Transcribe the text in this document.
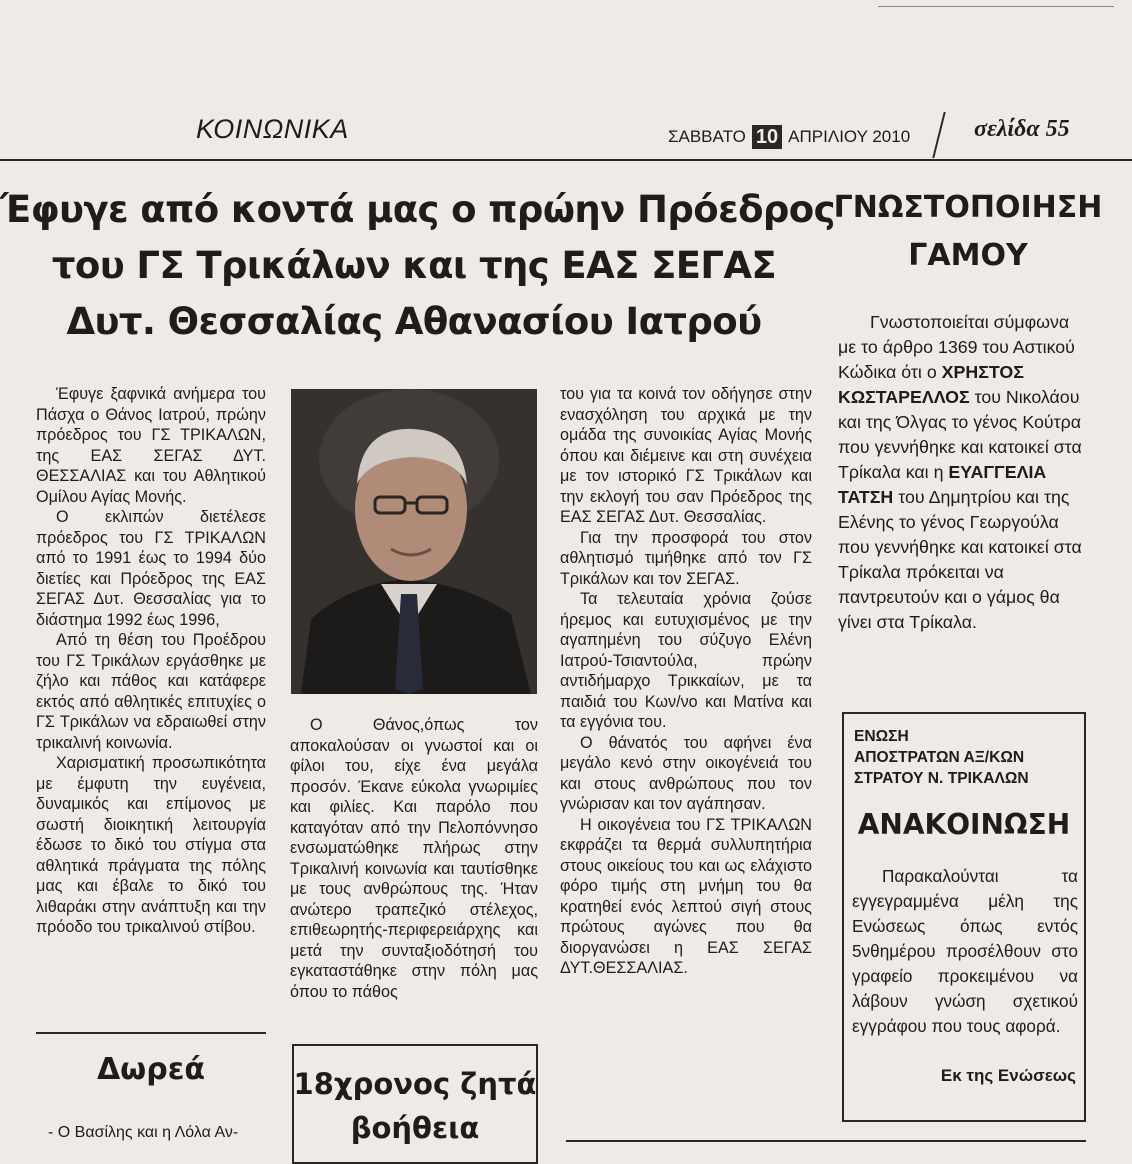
ΚΟΙΝΩΝΙΚΑ	ΣΑΒΒΑΤΟ 10 ΑΠΡΙΛΙΟΥ 2010	σελίδα 55
Έφυγε από κοντά μας ο πρώην Πρόεδρος
του ΓΣ Τρικάλων και της ΕΑΣ ΣΕΓΑΣ
Δυτ. Θεσσαλίας Αθανασίου Ιατρού

Έφυγε ξαφνικά ανήμερα του Πάσχα ο Θάνος Ιατρού, πρώην πρόεδρος του ΓΣ ΤΡΙΚΑΛΩΝ, της ΕΑΣ ΣΕΓΑΣ ΔΥΤ. ΘΕΣΣΑΛΙΑΣ και του Αθλητικού Ομίλου Αγίας Μονής.

Ο εκλιπών διετέλεσε πρόεδρος του ΓΣ ΤΡΙΚΑΛΩΝ από το 1991 έως το 1994 δύο διετίες και Πρόεδρος της ΕΑΣ ΣΕΓΑΣ Δυτ. Θεσσαλίας για το διάστημα 1992 έως 1996,

Από τη θέση του Προέδρου του ΓΣ Τρικάλων εργάσθηκε με ζήλο και πάθος και κατάφερε εκτός από αθλητικές επιτυχίες ο ΓΣ Τρικάλων να εδραιωθεί στην τρικαλινή κοινωνία.

Χαρισματική προσωπικότητα με έμφυτη την ευγένεια, δυναμικός και επίμονος με σωστή διοικητική λειτουργία έδωσε το δικό του στίγμα στα αθλητικά πράγματα της πόλης μας και έβαλε το δικό του λιθαράκι στην ανάπτυξη και την πρόοδο του τρικαλινού στίβου.

Δωρεά
- Ο Βασίλης και η Λόλα Αν-

Ο Θάνος,όπως τον αποκαλούσαν οι γνωστοί και οι φίλοι του, είχε ένα μεγάλα προσόν. Έκανε εύκολα γνωριμίες και φιλίες. Και παρόλο που καταγόταν από την Πελοπόννησο ενσωματώθηκε πλήρως στην Τρικαλινή κοινωνία και ταυτίσθηκε με τους ανθρώπους της. Ήταν ανώτερο τραπεζικό στέλεχος, επιθεωρητής-περιφερειάρχης και μετά την συνταξιοδότησή του εγκαταστάθηκε στην πόλη μας όπου το πάθος

18χρονος ζητά
βοήθεια

του για τα κοινά τον οδήγησε στην ενασχόληση του αρχικά με την ομάδα της συνοικίας Αγίας Μονής όπου και διέμεινε και στη συνέχεια με τον ιστορικό ΓΣ Τρικάλων και την εκλογή του σαν Πρόεδρος της ΕΑΣ ΣΕΓΑΣ Δυτ. Θεσσαλίας.

Για την προσφορά του στον αθλητισμό τιμήθηκε από τον ΓΣ Τρικάλων και τον ΣΕΓΑΣ.

Τα τελευταία χρόνια ζούσε ήρεμος και ευτυχισμένος με την αγαπημένη του σύζυγο Ελένη Ιατρού-Τσιαντούλα, πρώην αντιδήμαρχο Τρικκαίων, με τα παιδιά του Κων/νο και Ματίνα και τα εγγόνια του.

Ο θάνατός του αφήνει ένα μεγάλο κενό στην οικογένειά του και στους ανθρώπους που τον γνώρισαν και τον αγάπησαν.

Η οικογένεια του ΓΣ ΤΡΙΚΑΛΩΝ εκφράζει τα θερμά συλλυπητήρια στους οικείους του και ως ελάχιστο φόρο τιμής στη μνήμη του θα κρατηθεί ενός λεπτού σιγή στους πρώτους αγώνες που θα διοργανώσει η ΕΑΣ ΣΕΓΑΣ ΔΥΤ.ΘΕΣΣΑΛΙΑΣ.

ΓΝΩΣΤΟΠΟΙΗΣΗ
ΓΑΜΟΥ

Γνωστοποιείται σύμφωνα με το άρθρο 1369 του Αστικού Κώδικα ότι ο ΧΡΗΣΤΟΣ ΚΩΣΤΑΡΕΛΛΟΣ του Νικολάου και της Όλγας το γένος Κούτρα που γεννήθηκε και κατοικεί στα Τρίκαλα και η ΕΥΑΓΓΕΛΙΑ ΤΑΤΣΗ του Δημητρίου και της Ελένης το γένος Γεωργούλα που γεννήθηκε και κατοικεί στα Τρίκαλα πρόκειται να παντρευτούν και ο γάμος θα γίνει στα Τρίκαλα.

ΕΝΩΣΗ
ΑΠΟΣΤΡΑΤΩΝ ΑΞ/ΚΩΝ
ΣΤΡΑΤΟΥ Ν. ΤΡΙΚΑΛΩΝ
ΑΝΑΚΟΙΝΩΣΗ

Παρακαλούνται τα εγγεγραμμένα μέλη της Ενώσεως όπως εντός 5νθημέρου προσέλθουν στο γραφείο προκειμένου να λάβουν γνώση σχετικού εγγράφου που τους αφορά.

Εκ της Ενώσεως
